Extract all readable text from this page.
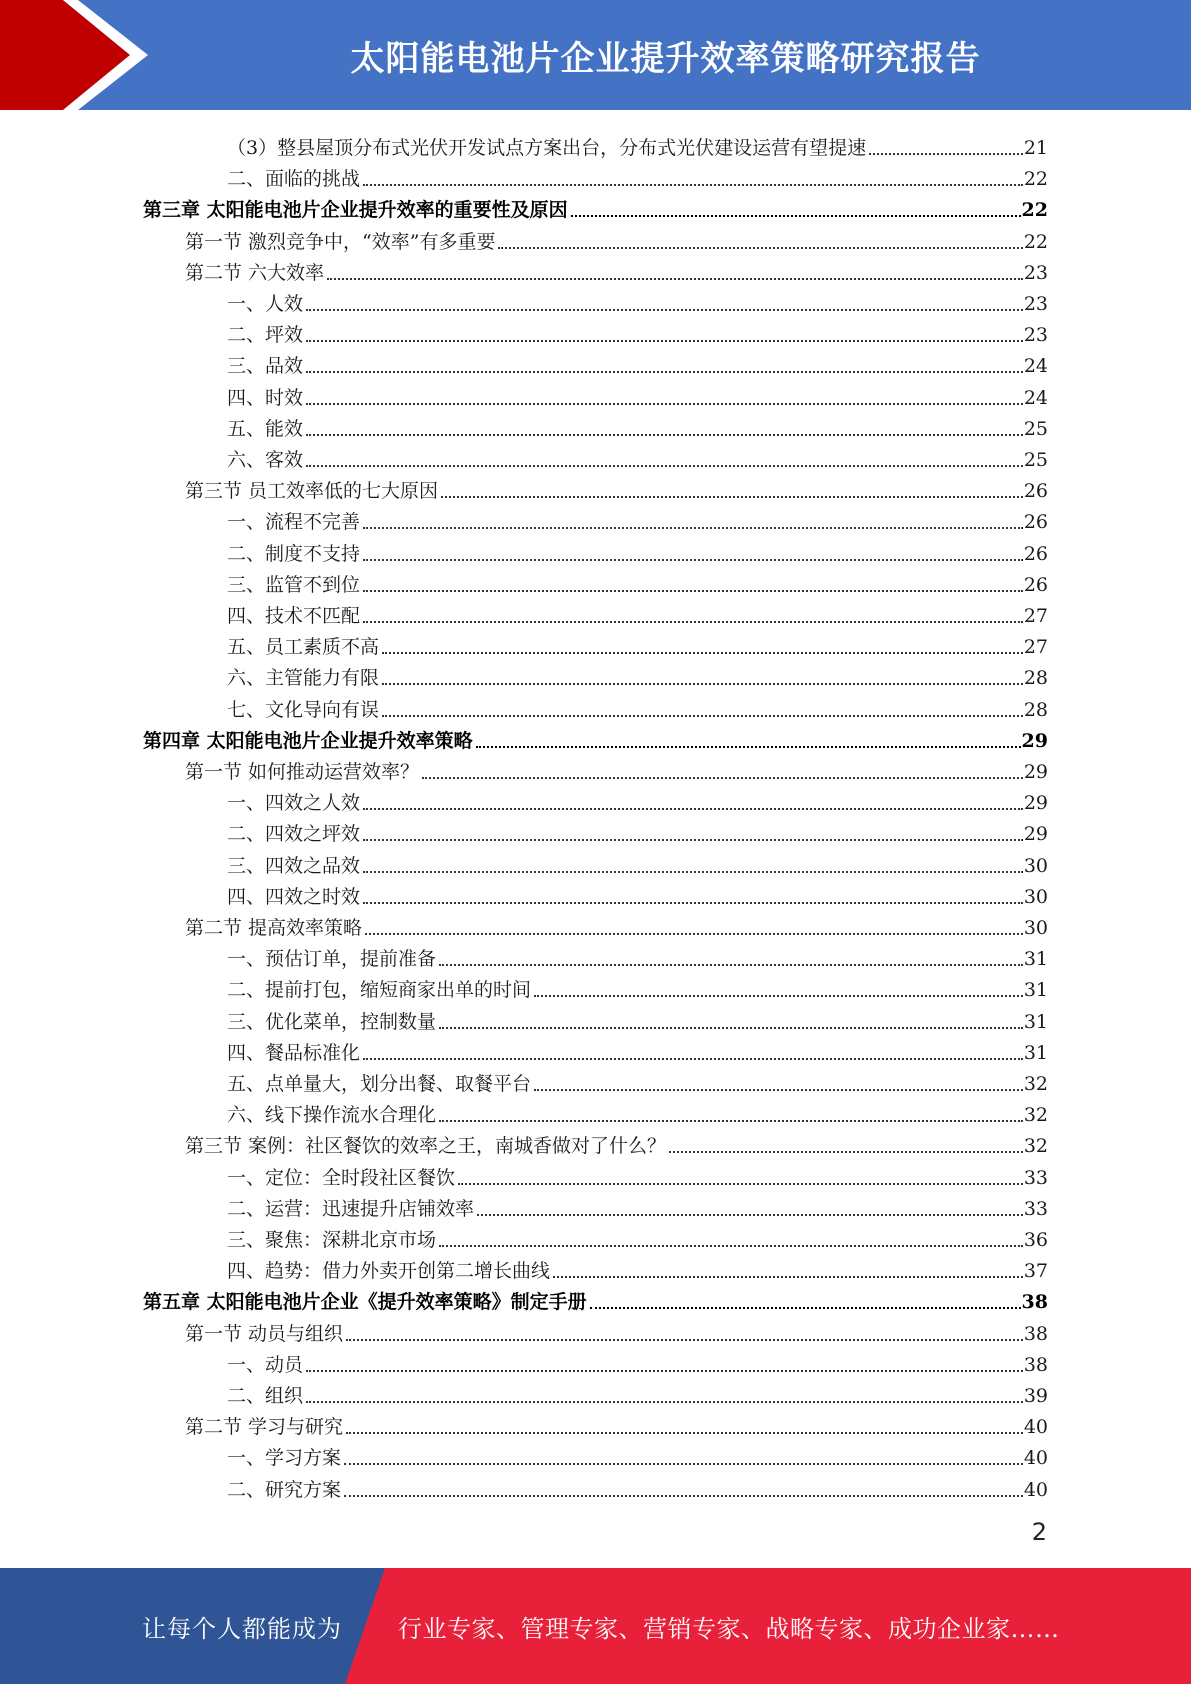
太阳能电池片企业提升效率策略研究报告
（3）整县屋顶分布式光伏开发试点方案出台，分布式光伏建设运营有望提速	21
二、面临的挑战	22
第三章 太阳能电池片企业提升效率的重要性及原因	22
第一节 激烈竞争中，“效率”有多重要	22
第二节 六大效率	23
一、人效	23
二、坪效	23
三、品效	24
四、时效	24
五、能效	25
六、客效	25
第三节 员工效率低的七大原因	26
一、流程不完善	26
二、制度不支持	26
三、监管不到位	26
四、技术不匹配	27
五、员工素质不高	27
六、主管能力有限	28
七、文化导向有误	28
第四章 太阳能电池片企业提升效率策略	29
第一节 如何推动运营效率？	29
一、四效之人效	29
二、四效之坪效	29
三、四效之品效	30
四、四效之时效	30
第二节 提高效率策略	30
一、预估订单，提前准备	31
二、提前打包，缩短商家出单的时间	31
三、优化菜单，控制数量	31
四、餐品标准化	31
五、点单量大，划分出餐、取餐平台	32
六、线下操作流水合理化	32
第三节 案例：社区餐饮的效率之王，南城香做对了什么？	32
一、定位：全时段社区餐饮	33
二、运营：迅速提升店铺效率	33
三、聚焦：深耕北京市场	36
四、趋势：借力外卖开创第二增长曲线	37
第五章 太阳能电池片企业《提升效率策略》制定手册	38
第一节 动员与组织	38
一、动员	38
二、组织	39
第二节 学习与研究	40
一、学习方案	40
二、研究方案	40
2
让每个人都能成为 行业专家、管理专家、营销专家、战略专家、成功企业家……
